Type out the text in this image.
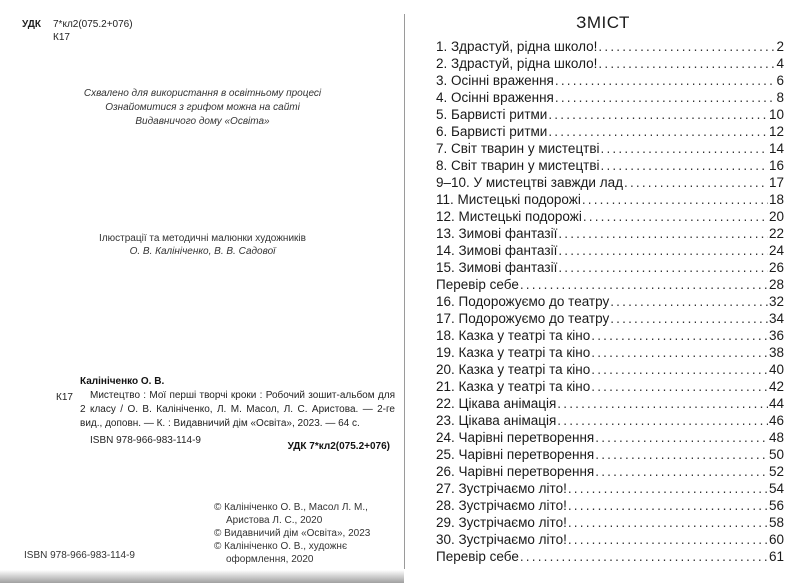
УДК 7*кл2(075.2+076)
К17
Схвалено для використання в освітньому процесі
Ознайомитися з грифом можна на сайті
Видавничого дому «Освіта»
Ілюстрації та методичні малюнки художників
О. В. Калініченко, В. В. Садової
Калініченко О. В.
К17	Мистецтво : Мої перші творчі кроки : Робочий зошит-альбом для 2 класу / О. В. Калініченко, Л. М. Масол, Л. С. Аристова. — 2-ге вид., доповн. — К. : Видавничий дім «Освіта», 2023. — 64 с.
ISBN 978-966-983-114-9
УДК 7*кл2(075.2+076)
© Калініченко О. В., Масол Л. М., Аристова Л. С., 2020
© Видавничий дім «Освіта», 2023
© Калініченко О. В., художнє оформлення, 2020
ISBN 978-966-983-114-9
ЗМІСТ
1. Здрастуй, рідна школо! .....	2
2. Здрастуй, рідна школо! .....	4
3. Осінні враження .....	6
4. Осінні враження .....	8
5. Барвисті ритми .....	10
6. Барвисті ритми .....	12
7. Світ тварин у мистецтві .....	14
8. Світ тварин у мистецтві .....	16
9–10. У мистецтві завжди лад .....	17
11. Мистецькі подорожі .....	18
12. Мистецькі подорожі .....	20
13. Зимові фантазії .....	22
14. Зимові фантазії .....	24
15. Зимові фантазії .....	26
Перевір себе .....	28
16. Подорожуємо до театру .....	32
17. Подорожуємо до театру .....	34
18. Казка у театрі та кіно .....	36
19. Казка у театрі та кіно .....	38
20. Казка у театрі та кіно .....	40
21. Казка у театрі та кіно .....	42
22. Цікава анімація .....	44
23. Цікава анімація .....	46
24. Чарівні перетворення .....	48
25. Чарівні перетворення .....	50
26. Чарівні перетворення .....	52
27. Зустрічаємо літо! .....	54
28. Зустрічаємо літо! .....	56
29. Зустрічаємо літо! .....	58
30. Зустрічаємо літо! .....	60
Перевір себе .....	61
